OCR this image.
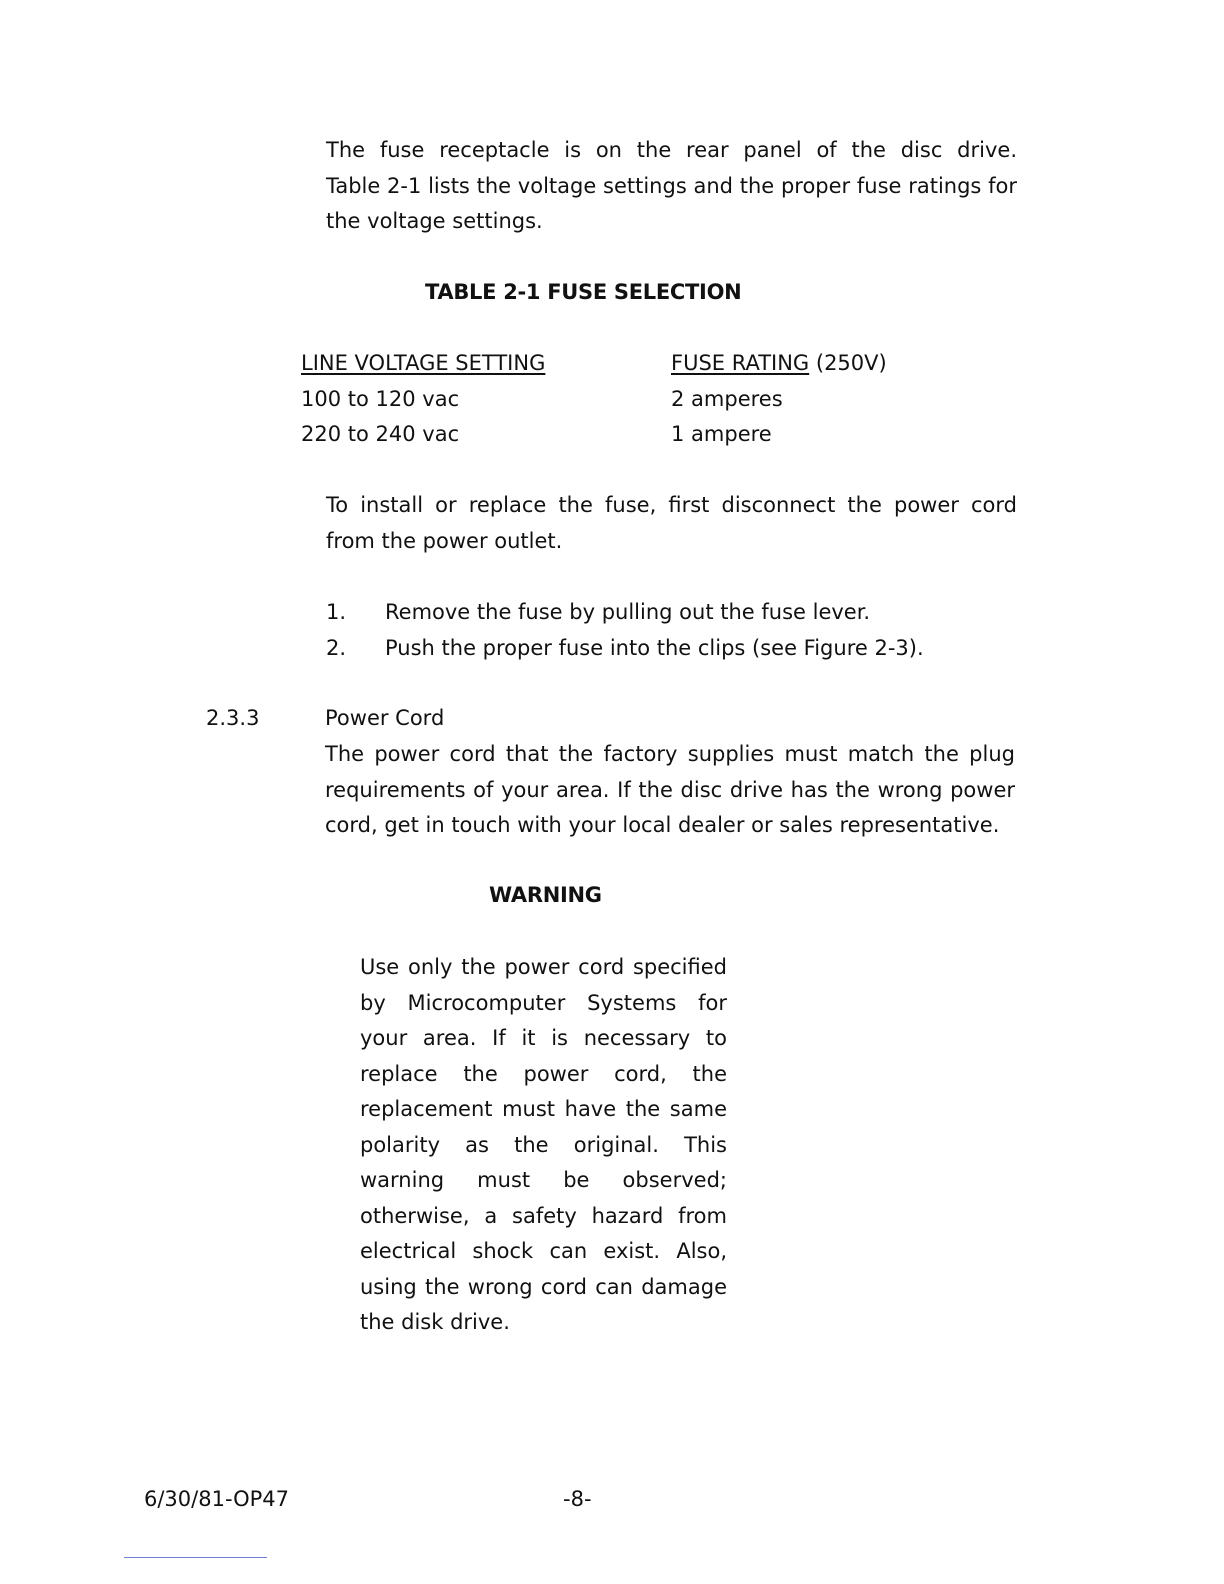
The fuse receptacle is on the rear panel of the disc drive.
Table 2-1 lists the voltage settings and the proper fuse ratings for
the voltage settings.
TABLE 2-1 FUSE SELECTION
LINE VOLTAGE SETTING	FUSE RATING (250V)
100 to 120 vac	2 amperes
220 to 240 vac	1 ampere
To install or replace the fuse, first disconnect the power cord
from the power outlet.
1. Remove the fuse by pulling out the fuse lever.
2. Push the proper fuse into the clips (see Figure 2-3).
2.3.3	Power Cord
The power cord that the factory supplies must match the plug
requirements of your area. If the disc drive has the wrong power
cord, get in touch with your local dealer or sales representative.
WARNING
Use only the power cord specified
by Microcomputer Systems for
your area. If it is necessary to
replace the power cord, the
replacement must have the same
polarity as the original. This
warning must be observed;
otherwise, a safety hazard from
electrical shock can exist. Also,
using the wrong cord can damage
the disk drive.
6/30/81-OP47	-8-
